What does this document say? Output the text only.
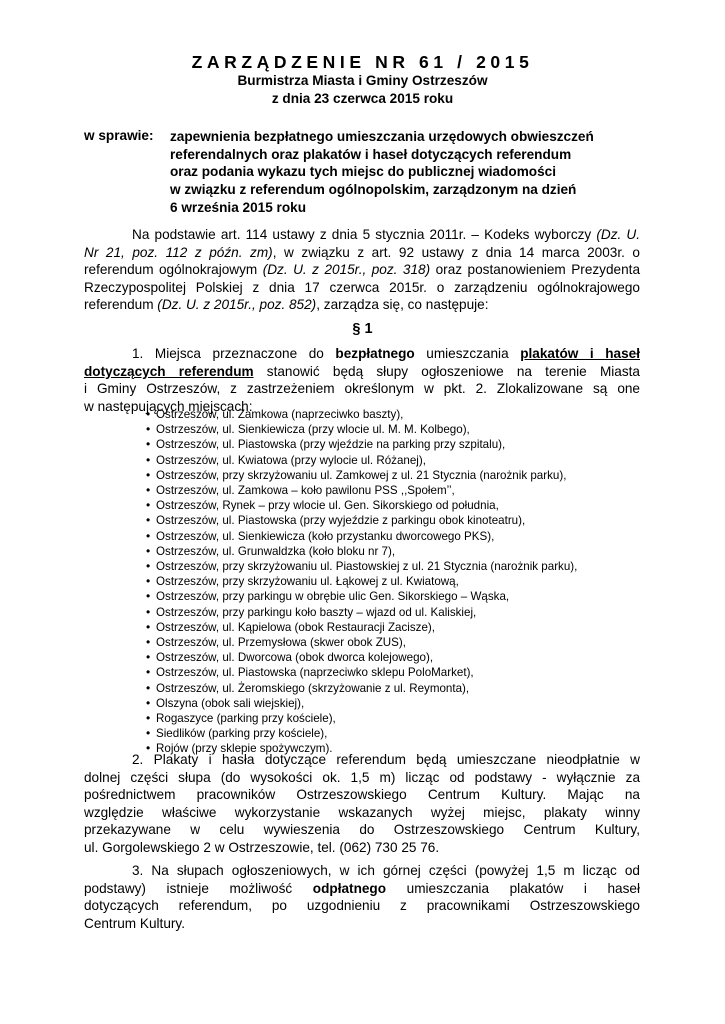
ZARZĄDZENIE NR 61 / 2015
Burmistrza Miasta i Gminy Ostrzeszów
z dnia 23 czerwca 2015 roku
w sprawie: zapewnienia bezpłatnego umieszczania urzędowych obwieszczeń
referendalnych oraz plakatów i haseł dotyczących referendum
oraz podania wykazu tych miejsc do publicznej wiadomości
w związku z referendum ogólnopolskim, zarządzonym na dzień
6 września 2015 roku
Na podstawie art. 114 ustawy z dnia 5 stycznia 2011r. – Kodeks wyborczy (Dz. U.
Nr 21, poz. 112 z późn. zm), w związku z art. 92 ustawy z dnia 14 marca 2003r. o
referendum ogólnokrajowym (Dz. U. z 2015r., poz. 318) oraz postanowieniem Prezydenta
Rzeczypospolitej Polskiej z dnia 17 czerwca 2015r. o zarządzeniu ogólnokrajowego
referendum (Dz. U. z 2015r., poz. 852), zarządza się, co następuje:
§ 1
1. Miejsca przeznaczone do bezpłatnego umieszczania plakatów i haseł
dotyczących referendum stanowić będą słupy ogłoszeniowe na terenie Miasta
i Gminy Ostrzeszów, z zastrzeżeniem określonym w pkt. 2. Zlokalizowane są one
w następujących miejscach:
• Ostrzeszów, ul. Zamkowa (naprzeciwko baszty),
• Ostrzeszów, ul. Sienkiewicza (przy wlocie ul. M. M. Kolbego),
• Ostrzeszów, ul. Piastowska (przy wjeździe na parking przy szpitalu),
• Ostrzeszów, ul. Kwiatowa (przy wylocie ul. Różanej),
• Ostrzeszów, przy skrzyżowaniu ul. Zamkowej z ul. 21 Stycznia (narożnik parku),
• Ostrzeszów, ul. Zamkowa – koło pawilonu PSS ,,Społem’’,
• Ostrzeszów, Rynek – przy wlocie ul. Gen. Sikorskiego od południa,
• Ostrzeszów, ul. Piastowska (przy wyjeździe z parkingu obok kinoteatru),
• Ostrzeszów, ul. Sienkiewicza (koło przystanku dworcowego PKS),
• Ostrzeszów, ul. Grunwaldzka (koło bloku nr 7),
• Ostrzeszów, przy skrzyżowaniu ul. Piastowskiej z ul. 21 Stycznia (narożnik parku),
• Ostrzeszów, przy skrzyżowaniu ul. Łąkowej z ul. Kwiatową,
• Ostrzeszów, przy parkingu w obrębie ulic Gen. Sikorskiego – Wąska,
• Ostrzeszów, przy parkingu koło baszty – wjazd od ul. Kaliskiej,
• Ostrzeszów, ul. Kąpielowa (obok Restauracji Zacisze),
• Ostrzeszów, ul. Przemysłowa (skwer obok ZUS),
• Ostrzeszów, ul. Dworcowa (obok dworca kolejowego),
• Ostrzeszów, ul. Piastowska (naprzeciwko sklepu PoloMarket),
• Ostrzeszów, ul. Żeromskiego (skrzyżowanie z ul. Reymonta),
• Olszyna (obok sali wiejskiej),
• Rogaszyce (parking przy kościele),
• Siedlików (parking przy kościele),
• Rojów (przy sklepie spożywczym).
2. Plakaty i hasła dotyczące referendum będą umieszczane nieodpłatnie w
dolnej części słupa (do wysokości ok. 1,5 m) licząc od podstawy - wyłącznie za
pośrednictwem pracowników Ostrzeszowskiego Centrum Kultury. Mając na
względzie właściwe wykorzystanie wskazanych wyżej miejsc, plakaty winny
przekazywane w celu wywieszenia do Ostrzeszowskiego Centrum Kultury,
ul. Gorgolewskiego 2 w Ostrzeszowie, tel. (062) 730 25 76.
3. Na słupach ogłoszeniowych, w ich górnej części (powyżej 1,5 m licząc od
podstawy) istnieje możliwość odpłatnego umieszczania plakatów i haseł
dotyczących referendum, po uzgodnieniu z pracownikami Ostrzeszowskiego
Centrum Kultury.
